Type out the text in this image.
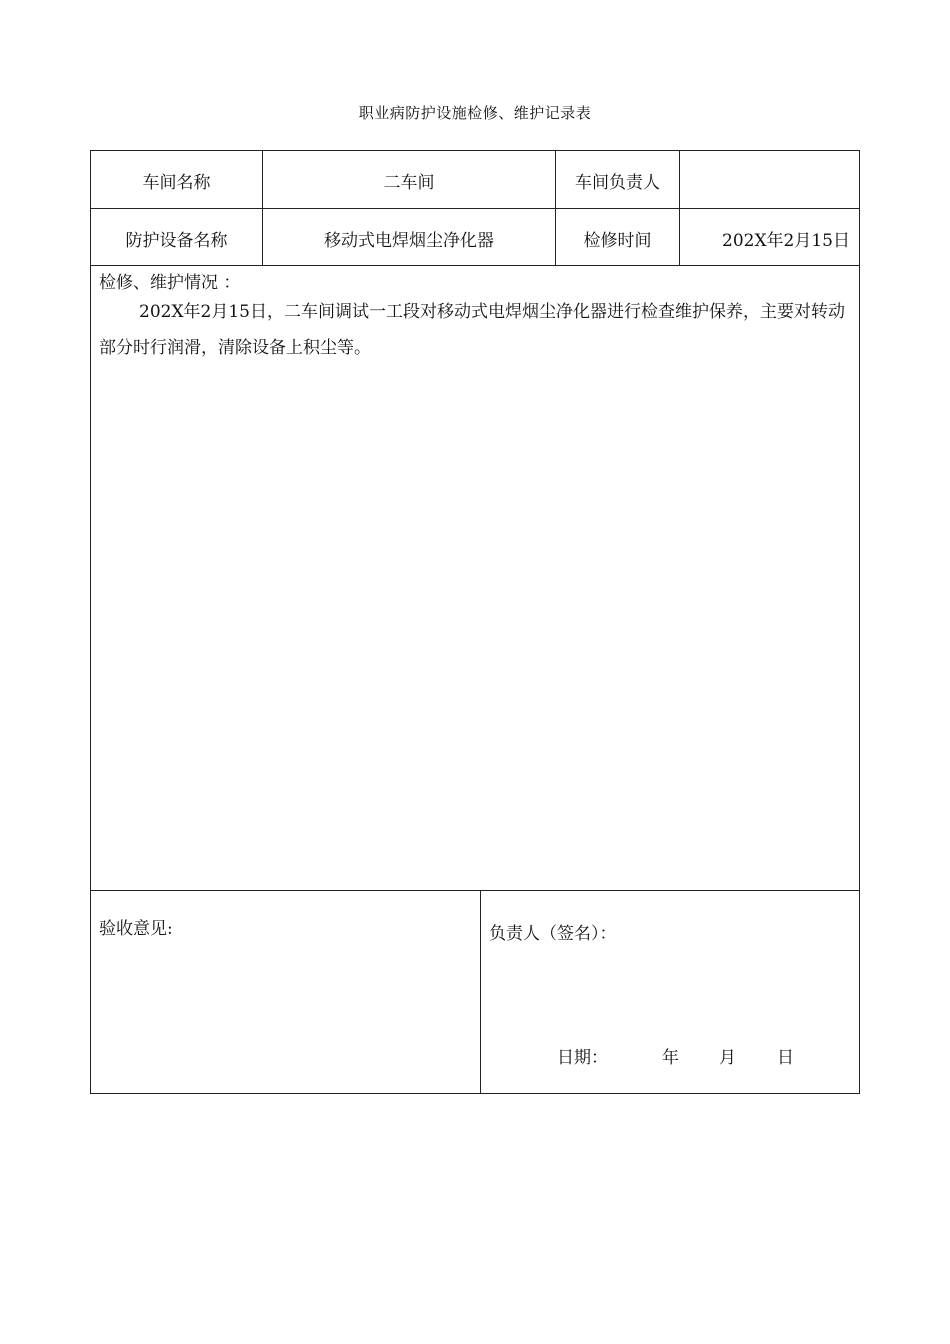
职业病防护设施检修、维护记录表
车间名称	二车间	车间负责人
防护设备名称	移动式电焊烟尘净化器	检修时间	202X年2月15日
检修、维护情况 ：
202X年2月15日，二车间调试一工段对移动式电焊烟尘净化器进行检查维护保养，主要对转动部分时行润滑，清除设备上积尘等。
验收意见:	负责人（签名）：
日期：	年 月 日
